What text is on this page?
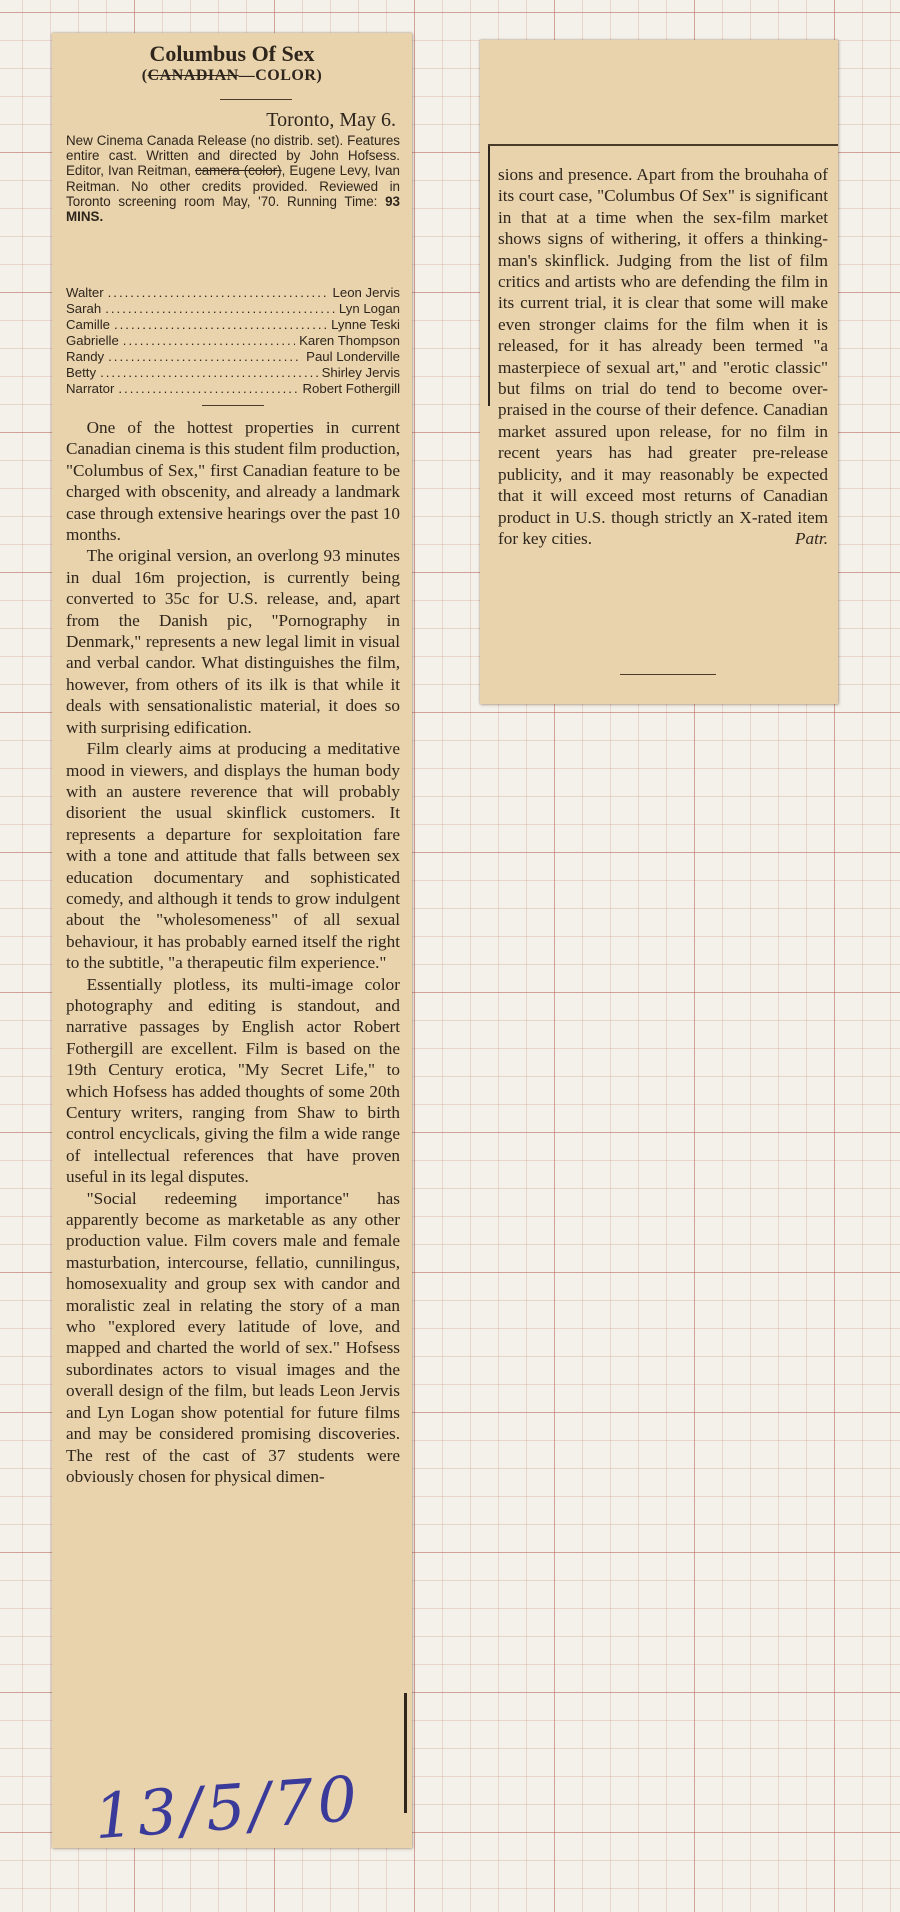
Columbus Of Sex
(CANADIAN—COLOR)
Toronto, May 6.
New Cinema Canada Release (no distrib. set). Features entire cast. Written and directed by John Hofsess. Editor, Ivan Reitman, camera (color), Eugene Levy, Ivan Reitman. No other credits provided. Reviewed in Toronto screening room May, '70. Running Time: 93 MINS.
Walter .....	Leon Jervis
Sarah .....	Lyn Logan
Camille .....	Lynne Teski
Gabrielle .....	Karen Thompson
Randy .....	Paul Londerville
Betty .....	Shirley Jervis
Narrator .....	Robert Fothergill

One of the hottest properties in current Canadian cinema is this student film production, "Columbus of Sex," first Canadian feature to be charged with obscenity, and already a landmark case through extensive hearings over the past 10 months.

The original version, an overlong 93 minutes in dual 16m projection, is currently being converted to 35c for U.S. release, and, apart from the Danish pic, "Pornography in Denmark," represents a new legal limit in visual and verbal candor. What distinguishes the film, however, from others of its ilk is that while it deals with sensationalistic material, it does so with surprising edification.

Film clearly aims at producing a meditative mood in viewers, and displays the human body with an austere reverence that will probably disorient the usual skinflick customers. It represents a departure for sexploitation fare with a tone and attitude that falls between sex education documentary and sophisticated comedy, and although it tends to grow indulgent about the "wholesomeness" of all sexual behaviour, it has probably earned itself the right to the subtitle, "a therapeutic film experience."

Essentially plotless, its multi-image color photography and editing is standout, and narrative passages by English actor Robert Fothergill are excellent. Film is based on the 19th Century erotica, "My Secret Life," to which Hofsess has added thoughts of some 20th Century writers, ranging from Shaw to birth control encyclicals, giving the film a wide range of intellectual references that have proven useful in its legal disputes.

"Social redeeming importance" has apparently become as marketable as any other production value. Film covers male and female masturbation, intercourse, fellatio, cunnilingus, homosexuality and group sex with candor and moralistic zeal in relating the story of a man who "explored every latitude of love, and mapped and charted the world of sex." Hofsess subordinates actors to visual images and the overall design of the film, but leads Leon Jervis and Lyn Logan show potential for future films and may be considered promising discoveries. The rest of the cast of 37 students were obviously chosen for physical dimen-

13/5/70

sions and presence. Apart from the brouhaha of its court case, "Columbus Of Sex" is significant in that at a time when the sex-film market shows signs of withering, it offers a thinking-man's skinflick. Judging from the list of film critics and artists who are defending the film in its current trial, it is clear that some will make even stronger claims for the film when it is released, for it has already been termed "a masterpiece of sexual art," and "erotic classic" but films on trial do tend to become over-praised in the course of their defence. Canadian market assured upon release, for no film in recent years has had greater pre-release publicity, and it may reasonably be expected that it will exceed most returns of Canadian product in U.S. though strictly an X-rated item for key cities.	Patr.
